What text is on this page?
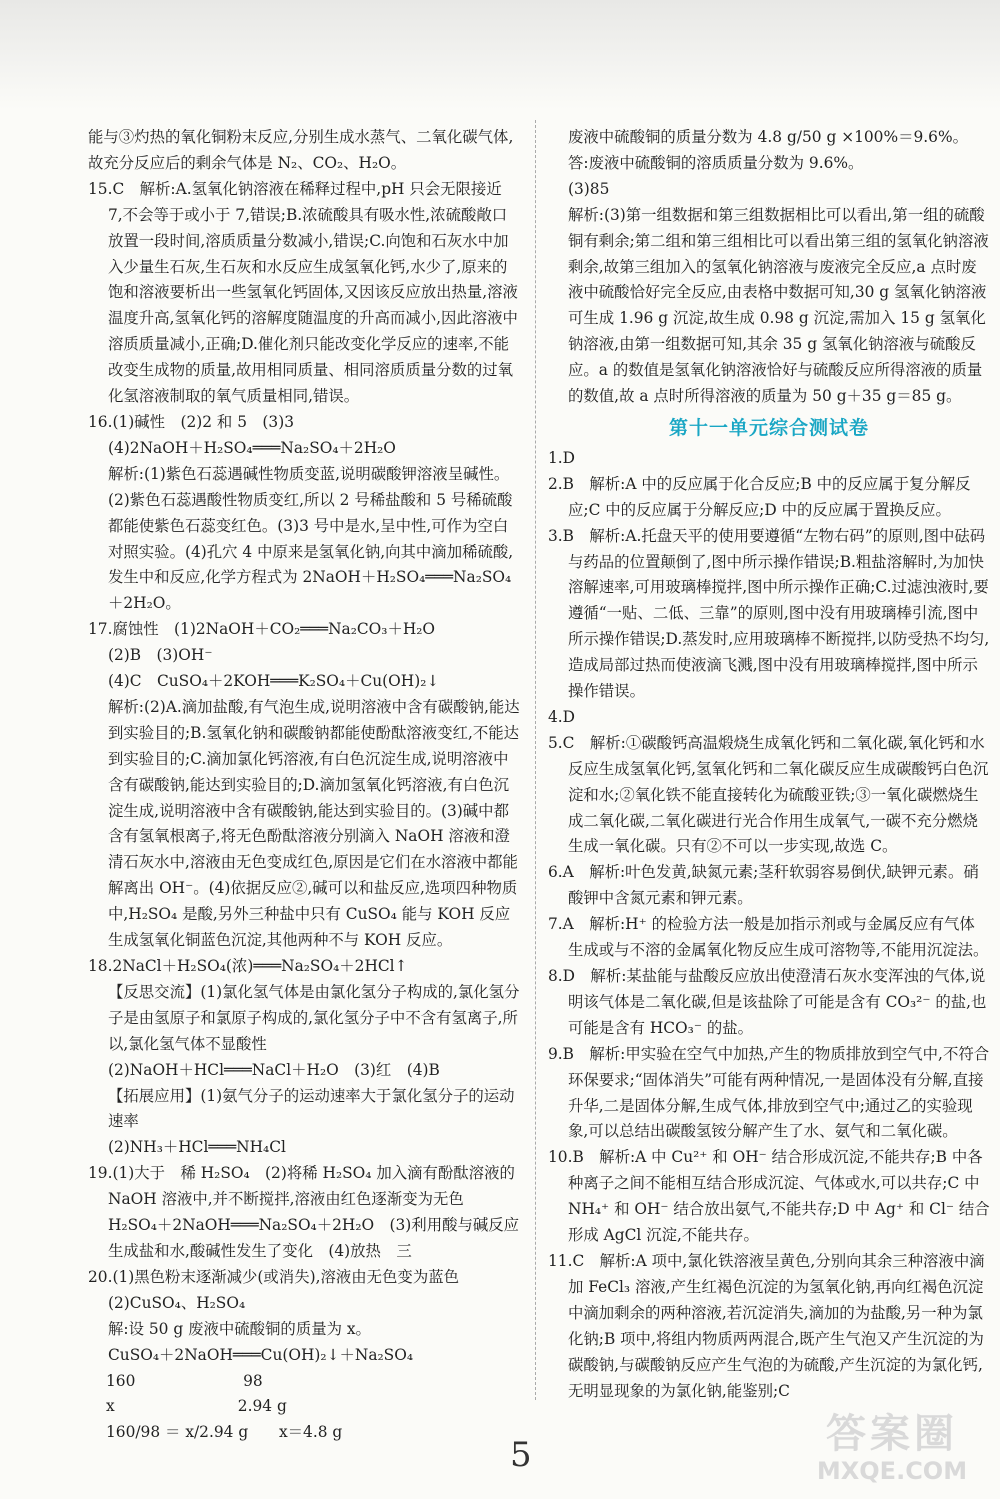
能与③灼热的氧化铜粉末反应,分别生成水蒸气、二氧化碳气体,故充分反应后的剩余气体是 N₂、CO₂、H₂O。
15.C　解析:A.氢氧化钠溶液在稀释过程中,pH 只会无限接近 7,不会等于或小于 7,错误;B.浓硫酸具有吸水性,浓硫酸敞口放置一段时间,溶质质量分数减小,错误;C.向饱和石灰水中加入少量生石灰,生石灰和水反应生成氢氧化钙,水少了,原来的饱和溶液要析出一些氢氧化钙固体,又因该反应放出热量,溶液温度升高,氢氧化钙的溶解度随温度的升高而减小,因此溶液中溶质质量减小,正确;D.催化剂只能改变化学反应的速率,不能改变生成物的质量,故用相同质量、相同溶质质量分数的过氧化氢溶液制取的氧气质量相同,错误。
16.(1)碱性　(2)2 和 5　(3)3
(4)2NaOH＋H₂SO₄═══Na₂SO₄＋2H₂O
解析:(1)紫色石蕊遇碱性物质变蓝,说明碳酸钾溶液呈碱性。(2)紫色石蕊遇酸性物质变红,所以 2 号稀盐酸和 5 号稀硫酸都能使紫色石蕊变红色。(3)3 号中是水,呈中性,可作为空白对照实验。(4)孔穴 4 中原来是氢氧化钠,向其中滴加稀硫酸,发生中和反应,化学方程式为 2NaOH＋H₂SO₄═══Na₂SO₄＋2H₂O。
17.腐蚀性　(1)2NaOH＋CO₂═══Na₂CO₃＋H₂O
(2)B　(3)OH⁻
(4)C　CuSO₄＋2KOH═══K₂SO₄＋Cu(OH)₂↓
解析:(2)A.滴加盐酸,有气泡生成,说明溶液中含有碳酸钠,能达到实验目的;B.氢氧化钠和碳酸钠都能使酚酞溶液变红,不能达到实验目的;C.滴加氯化钙溶液,有白色沉淀生成,说明溶液中含有碳酸钠,能达到实验目的;D.滴加氢氧化钙溶液,有白色沉淀生成,说明溶液中含有碳酸钠,能达到实验目的。(3)碱中都含有氢氧根离子,将无色酚酞溶液分别滴入 NaOH 溶液和澄清石灰水中,溶液由无色变成红色,原因是它们在水溶液中都能解离出 OH⁻。(4)依据反应②,碱可以和盐反应,选项四种物质中,H₂SO₄ 是酸,另外三种盐中只有 CuSO₄ 能与 KOH 反应生成氢氧化铜蓝色沉淀,其他两种不与 KOH 反应。
18.2NaCl＋H₂SO₄(浓)═══Na₂SO₄＋2HCl↑
【反思交流】(1)氯化氢气体是由氯化氢分子构成的,氯化氢分子是由氢原子和氯原子构成的,氯化氢分子中不含有氢离子,所以,氯化氢气体不显酸性
(2)NaOH＋HCl═══NaCl＋H₂O　(3)红　(4)B
【拓展应用】(1)氨气分子的运动速率大于氯化氢分子的运动速率
(2)NH₃＋HCl═══NH₄Cl
19.(1)大于　稀 H₂SO₄　(2)将稀 H₂SO₄ 加入滴有酚酞溶液的 NaOH 溶液中,并不断搅拌,溶液由红色逐渐变为无色　H₂SO₄＋2NaOH═══Na₂SO₄＋2H₂O　(3)利用酸与碱反应生成盐和水,酸碱性发生了变化　(4)放热　三
20.(1)黑色粉末逐渐减少(或消失),溶液由无色变为蓝色
(2)CuSO₄、H₂SO₄
解:设 50 g 废液中硫酸铜的质量为 x。
CuSO₄＋2NaOH═══Cu(OH)₂↓＋Na₂SO₄
160　　　　　　　98
x　　　　　　　　2.94 g
160/98 ＝ x/2.94 g　　x＝4.8 g
废液中硫酸铜的质量分数为 4.8 g/50 g ×100%＝9.6%。
答:废液中硫酸铜的溶质质量分数为 9.6%。
(3)85
解析:(3)第一组数据和第三组数据相比可以看出,第一组的硫酸铜有剩余;第二组和第三组相比可以看出第三组的氢氧化钠溶液剩余,故第三组加入的氢氧化钠溶液与废液完全反应,a 点时废液中硫酸恰好完全反应,由表格中数据可知,30 g 氢氧化钠溶液可生成 1.96 g 沉淀,故生成 0.98 g 沉淀,需加入 15 g 氢氧化钠溶液,由第一组数据可知,其余 35 g 氢氧化钠溶液与硫酸反应。a 的数值是氢氧化钠溶液恰好与硫酸反应所得溶液的质量的数值,故 a 点时所得溶液的质量为 50 g＋35 g＝85 g。
第十一单元综合测试卷
1.D
2.B　解析:A 中的反应属于化合反应;B 中的反应属于复分解反应;C 中的反应属于分解反应;D 中的反应属于置换反应。
3.B　解析:A.托盘天平的使用要遵循“左物右码”的原则,图中砝码与药品的位置颠倒了,图中所示操作错误;B.粗盐溶解时,为加快溶解速率,可用玻璃棒搅拌,图中所示操作正确;C.过滤浊液时,要遵循“一贴、二低、三靠”的原则,图中没有用玻璃棒引流,图中所示操作错误;D.蒸发时,应用玻璃棒不断搅拌,以防受热不均匀,造成局部过热而使液滴飞溅,图中没有用玻璃棒搅拌,图中所示操作错误。
4.D
5.C　解析:①碳酸钙高温煅烧生成氧化钙和二氧化碳,氧化钙和水反应生成氢氧化钙,氢氧化钙和二氧化碳反应生成碳酸钙白色沉淀和水;②氧化铁不能直接转化为硫酸亚铁;③一氧化碳燃烧生成二氧化碳,二氧化碳进行光合作用生成氧气,一碳不充分燃烧生成一氧化碳。只有②不可以一步实现,故选 C。
6.A　解析:叶色发黄,缺氮元素;茎秆软弱容易倒伏,缺钾元素。硝酸钾中含氮元素和钾元素。
7.A　解析:H⁺ 的检验方法一般是加指示剂或与金属反应有气体生成或与不溶的金属氧化物反应生成可溶物等,不能用沉淀法。
8.D　解析:某盐能与盐酸反应放出使澄清石灰水变浑浊的气体,说明该气体是二氧化碳,但是该盐除了可能是含有 CO₃²⁻ 的盐,也可能是含有 HCO₃⁻ 的盐。
9.B　解析:甲实验在空气中加热,产生的物质排放到空气中,不符合环保要求;“固体消失”可能有两种情况,一是固体没有分解,直接升华,二是固体分解,生成气体,排放到空气中;通过乙的实验现象,可以总结出碳酸氢铵分解产生了水、氨气和二氧化碳。
10.B　解析:A 中 Cu²⁺ 和 OH⁻ 结合形成沉淀,不能共存;B 中各种离子之间不能相互结合形成沉淀、气体或水,可以共存;C 中 NH₄⁺ 和 OH⁻ 结合放出氨气,不能共存;D 中 Ag⁺ 和 Cl⁻ 结合形成 AgCl 沉淀,不能共存。
11.C　解析:A 项中,氯化铁溶液呈黄色,分别向其余三种溶液中滴加 FeCl₃ 溶液,产生红褐色沉淀的为氢氧化钠,再向红褐色沉淀中滴加剩余的两种溶液,若沉淀消失,滴加的为盐酸,另一种为氯化钠;B 项中,将组内物质两两混合,既产生气泡又产生沉淀的为碳酸钠,与碳酸钠反应产生气泡的为硫酸,产生沉淀的为氯化钙,无明显现象的为氯化钠,能鉴别;C
5	答案圈
MXQE.COM
